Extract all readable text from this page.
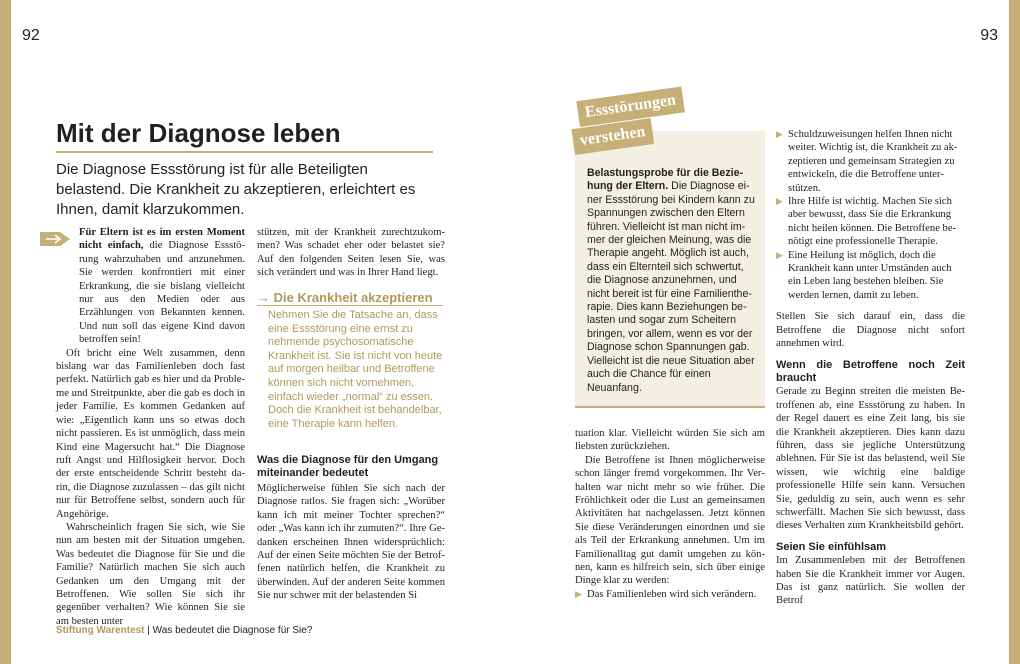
92	93
Mit der Diagnose leben

Die Diagnose Essstörung ist für alle Beteiligten belastend. Die Krankheit zu akzeptieren, erleichtert es Ihnen, damit klarzukommen.

Für Eltern ist es im ersten Moment nicht einfach, die Diagnose Essstörung wahrzuhaben und anzunehmen. Sie werden konfrontiert mit einer Erkrankung, die sie bislang vielleicht nur aus den Medien oder aus Erzählungen von Bekannten kennen. Und nun soll das eigene Kind davon betroffen sein!

Oft bricht eine Welt zusammen, denn bislang war das Familienleben doch fast perfekt. Natürlich gab es hier und da Probleme und Streitpunkte, aber die gab es doch in jeder Familie. Es kommen Gedanken auf wie: „Eigentlich kann uns so etwas doch nicht passieren. Es ist unmöglich, dass mein Kind eine Magersucht hat.“ Die Diagnose ruft Angst und Hilflosigkeit hervor. Doch der erste entscheidende Schritt besteht darin, die Diagnose zuzulassen – das gilt nicht nur für Betroffene selbst, sondern auch für Angehörige.

Wahrscheinlich fragen Sie sich, wie Sie nun am besten mit der Situation umgehen. Was bedeutet die Diagnose für Sie und die Familie? Natürlich machen Sie sich auch Gedanken um den Umgang mit der Betroffenen. Wie sollen Sie sich ihr gegenüber verhalten? Wie können Sie sie am besten unter

stützen, mit der Krankheit zurechtzukommen? Was schadet eher oder belastet sie? Auf den folgenden Seiten lesen Sie, was sich verändert und was in Ihrer Hand liegt.

→ Die Krankheit akzeptieren
Nehmen Sie die Tatsache an, dass eine Essstörung eine ernst zu nehmende psychosomatische Krankheit ist. Sie ist nicht von heute auf morgen heilbar und Betroffene können sich nicht vornehmen, einfach wieder „normal“ zu essen. Doch die Krankheit ist behandelbar, eine Therapie kann helfen.
Was die Diagnose für den Umgang miteinander bedeutet

Möglicherweise fühlen Sie sich nach der Diagnose ratlos. Sie fragen sich: „Worüber kann ich mit meiner Tochter sprechen?“ oder „Was kann ich ihr zumuten?“. Ihre Gedanken erscheinen Ihnen widersprüchlich: Auf der einen Seite möchten Sie der Betroffenen natürlich helfen, die Krankheit zu überwinden. Auf der anderen Seite kommen Sie nur schwer mit der belastenden Si

Essstörungen
verstehen
Belastungsprobe für die Beziehung der Eltern. Die Diagnose einer Essstörung bei Kindern kann zu Spannungen zwischen den Eltern führen. Vielleicht ist man nicht immer der gleichen Meinung, was die Therapie angeht. Möglich ist auch, dass ein Elternteil sich schwertut, die Diagnose anzunehmen, und nicht bereit ist für eine Familientherapie. Dies kann Beziehungen belasten und sogar zum Scheitern bringen, vor allem, wenn es vor der Diagnose schon Spannungen gab. Vielleicht ist die neue Situation aber auch die Chance für einen Neuanfang.

tuation klar. Vielleicht würden Sie sich am liebsten zurückziehen.

Die Betroffene ist Ihnen möglicherweise schon länger fremd vorgekommen. Ihr Verhalten war nicht mehr so wie früher. Die Fröhlichkeit oder die Lust an gemeinsamen Aktivitäten hat nachgelassen. Jetzt können Sie diese Veränderungen einordnen und sie als Teil der Erkrankung annehmen. Um im Familienalltag gut damit umgehen zu können, kann es hilfreich sein, sich über einige Dinge klar zu werden:

▶ Das Familienleben wird sich verändern.
▶ Schuldzuweisungen helfen Ihnen nicht weiter. Wichtig ist, die Krankheit zu akzeptieren und gemeinsam Strategien zu entwickeln, die die Betroffene unterstützen.
▶ Ihre Hilfe ist wichtig. Machen Sie sich aber bewusst, dass Sie die Erkrankung nicht heilen können. Die Betroffene benötigt eine professionelle Therapie.
▶ Eine Heilung ist möglich, doch die Krankheit kann unter Umständen auch ein Leben lang bestehen bleiben. Sie werden lernen, damit zu leben.

Stellen Sie sich darauf ein, dass die Betroffene die Diagnose nicht sofort annehmen wird.

Wenn die Betroffene noch Zeit braucht

Gerade zu Beginn streiten die meisten Betroffenen ab, eine Essstörung zu haben. In der Regel dauert es eine Zeit lang, bis sie die Krankheit akzeptieren. Dies kann dazu führen, dass sie jegliche Unterstützung ablehnen. Für Sie ist das belastend, weil Sie wissen, wie wichtig eine baldige professionelle Hilfe sein kann. Versuchen Sie, geduldig zu sein, auch wenn es sehr schwerfällt. Machen Sie sich bewusst, dass dieses Verhalten zum Krankheitsbild gehört.

Seien Sie einfühlsam

Im Zusammenleben mit der Betroffenen haben Sie die Krankheit immer vor Augen. Das ist ganz natürlich. Sie wollen der Betrof

Stiftung Warentest | Was bedeutet die Diagnose für Sie?
